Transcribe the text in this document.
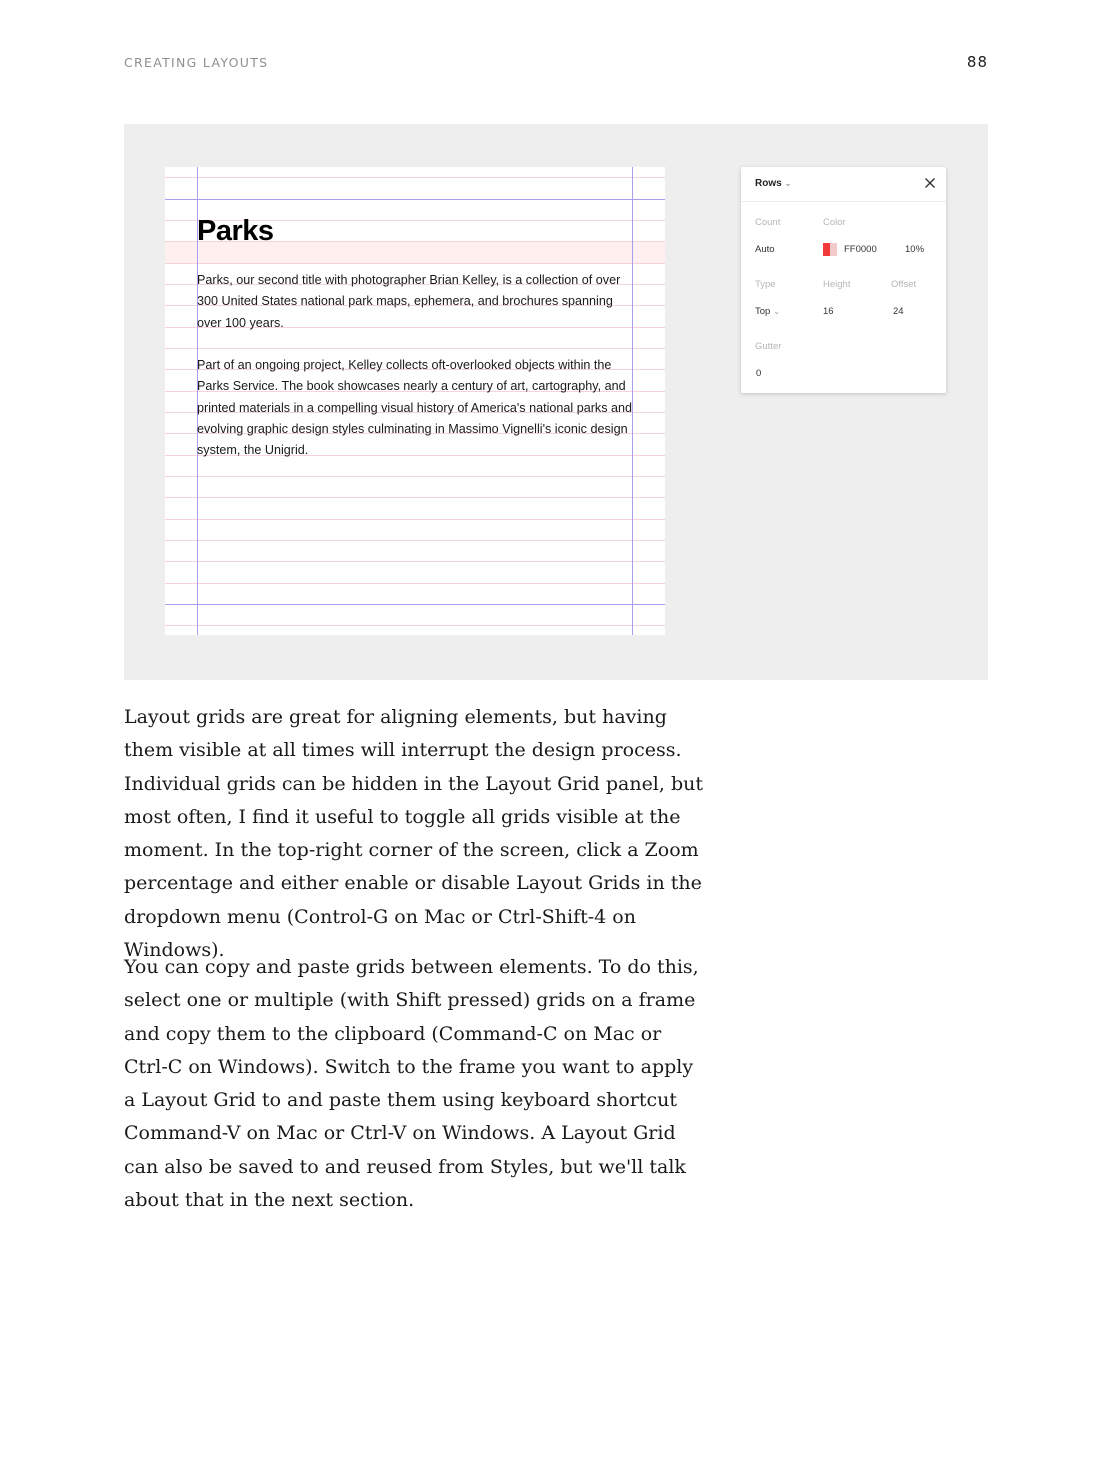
CREATING LAYOUTS	88
Parks
Parks, our second title with photographer Brian Kelley, is a collection of over 300 United States national park maps, ephemera, and brochures spanning over 100 years.
Part of an ongoing project, Kelley collects oft-overlooked objects within the Parks Service. The book showcases nearly a century of art, cartography, and printed materials in a compelling visual history of America's national parks and evolving graphic design styles culminating in Massimo Vignelli's iconic design system, the Unigrid.
Rows ⌄
Count	Color
Auto	FF0000	10%
Type	Height	Offset
Top ⌄	16	24
Gutter
0

Layout grids are great for aligning elements, but having them visible at all times will interrupt the design process. Individual grids can be hidden in the Layout Grid panel, but most often, I find it useful to toggle all grids visible at the moment. In the top-right corner of the screen, click a Zoom percentage and either enable or disable Layout Grids in the dropdown menu (Control-G on Mac or Ctrl-Shift-4 on Windows).

You can copy and paste grids between elements. To do this, select one or multiple (with Shift pressed) grids on a frame and copy them to the clipboard (Command-C on Mac or Ctrl-C on Windows). Switch to the frame you want to apply a Layout Grid to and paste them using keyboard shortcut Command-V on Mac or Ctrl-V on Windows. A Layout Grid can also be saved to and reused from Styles, but we'll talk about that in the next section.
